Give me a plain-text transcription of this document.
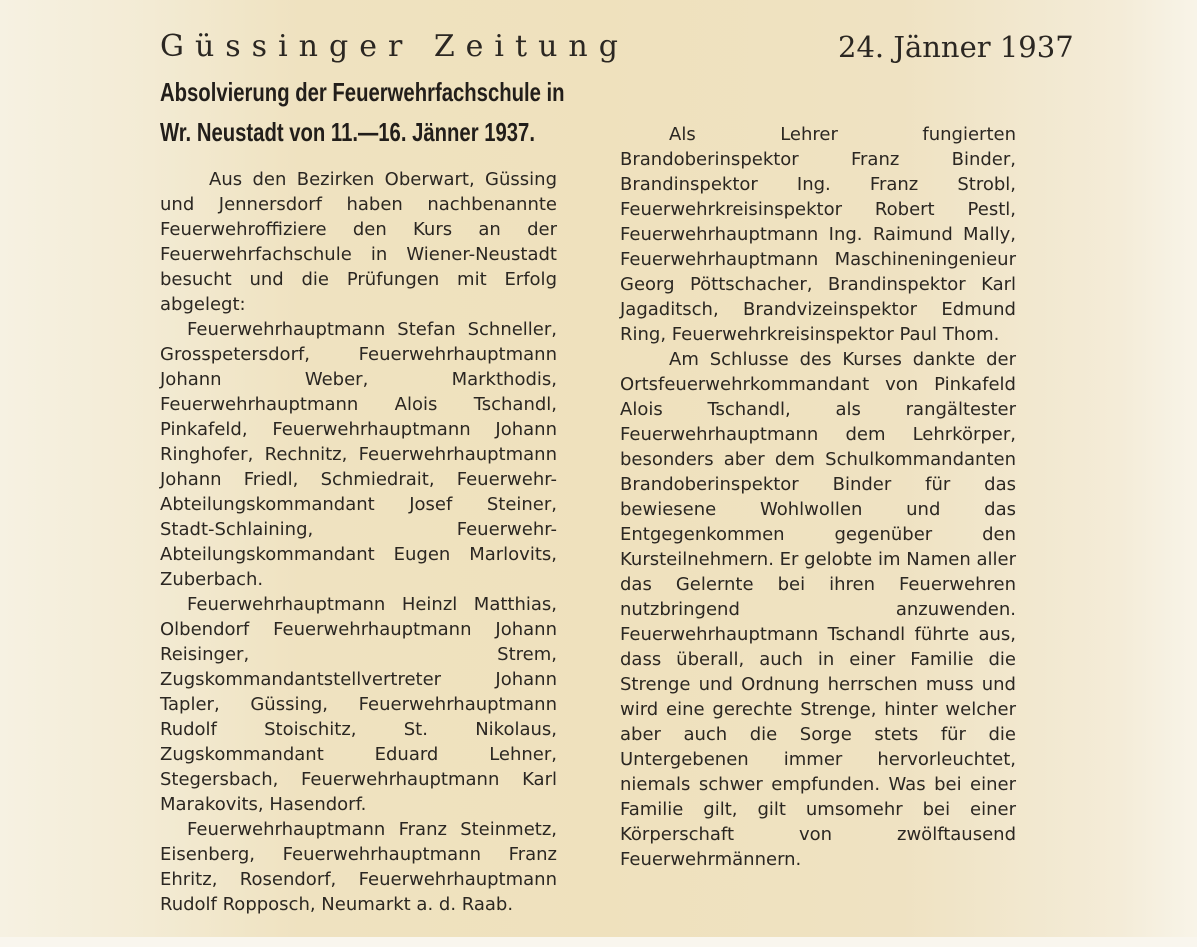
Güssinger Zeitung	24. Jänner 1937
Absolvierung der Feuerwehrfachschule in
Wr. Neustadt von 11.—16. Jänner 1937.

Aus den Bezirken Oberwart, Güssing und Jennersdorf haben nachbenannte Feuerwehroffiziere den Kurs an der Feuerwehrfachschule in Wiener-Neustadt besucht und die Prüfungen mit Erfolg abgelegt:

Feuerwehrhauptmann Stefan Schneller, Grosspetersdorf, Feuerwehrhauptmann Johann Weber, Markthodis, Feuerwehrhauptmann Alois Tschandl, Pinkafeld, Feuerwehrhauptmann Johann Ringhofer, Rechnitz, Feuerwehrhauptmann Johann Friedl, Schmiedrait, Feuerwehr-Abteilungskommandant Josef Steiner, Stadt-Schlaining, Feuerwehr-Abteilungskommandant Eugen Marlovits, Zuberbach.

Feuerwehrhauptmann Heinzl Matthias, Olbendorf Feuerwehrhauptmann Johann Reisinger, Strem, Zugskommandantstellvertreter Johann Tapler, Güssing, Feuerwehrhauptmann Rudolf Stoischitz, St. Nikolaus, Zugskommandant Eduard Lehner, Stegersbach, Feuerwehrhauptmann Karl Marakovits, Hasendorf.

Feuerwehrhauptmann Franz Steinmetz, Eisenberg, Feuerwehrhauptmann Franz Ehritz, Rosendorf, Feuerwehrhauptmann Rudolf Ropposch, Neumarkt a. d. Raab.

Als Lehrer fungierten Brandoberinspektor Franz Binder, Brandinspektor Ing. Franz Strobl, Feuerwehrkreisinspektor Robert Pestl, Feuerwehrhauptmann Ing. Raimund Mally, Feuerwehrhauptmann Maschineningenieur Georg Pöttschacher, Brandinspektor Karl Jagaditsch, Brandvizeinspektor Edmund Ring, Feuerwehrkreisinspektor Paul Thom.

Am Schlusse des Kurses dankte der Ortsfeuerwehrkommandant von Pinkafeld Alois Tschandl, als rangältester Feuerwehrhauptmann dem Lehrkörper, besonders aber dem Schulkommandanten Brandoberinspektor Binder für das bewiesene Wohlwollen und das Entgegenkommen gegenüber den Kursteilnehmern. Er gelobte im Namen aller das Gelernte bei ihren Feuerwehren nutzbringend anzuwenden. Feuerwehrhauptmann Tschandl führte aus, dass überall, auch in einer Familie die Strenge und Ordnung herrschen muss und wird eine gerechte Strenge, hinter welcher aber auch die Sorge stets für die Untergebenen immer hervorleuchtet, niemals schwer empfunden. Was bei einer Familie gilt, gilt umsomehr bei einer Körperschaft von zwölftausend Feuerwehrmännern.
